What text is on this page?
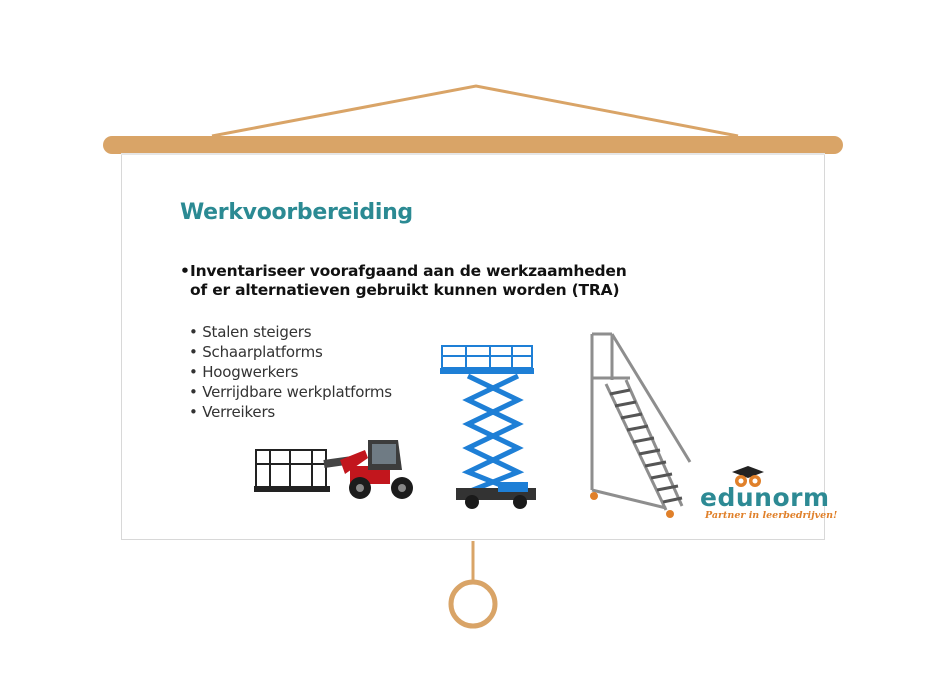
Werkvoorbereiding
• Inventariseer voorafgaand aan de werkzaamheden of er alternatieven gebruikt kunnen worden (TRA)
• Stalen steigers
• Schaarplatforms
• Hoogwerkers
• Verrijdbare werkplatforms
• Verreikers
edunorm
Partner in leerbedrijven!
